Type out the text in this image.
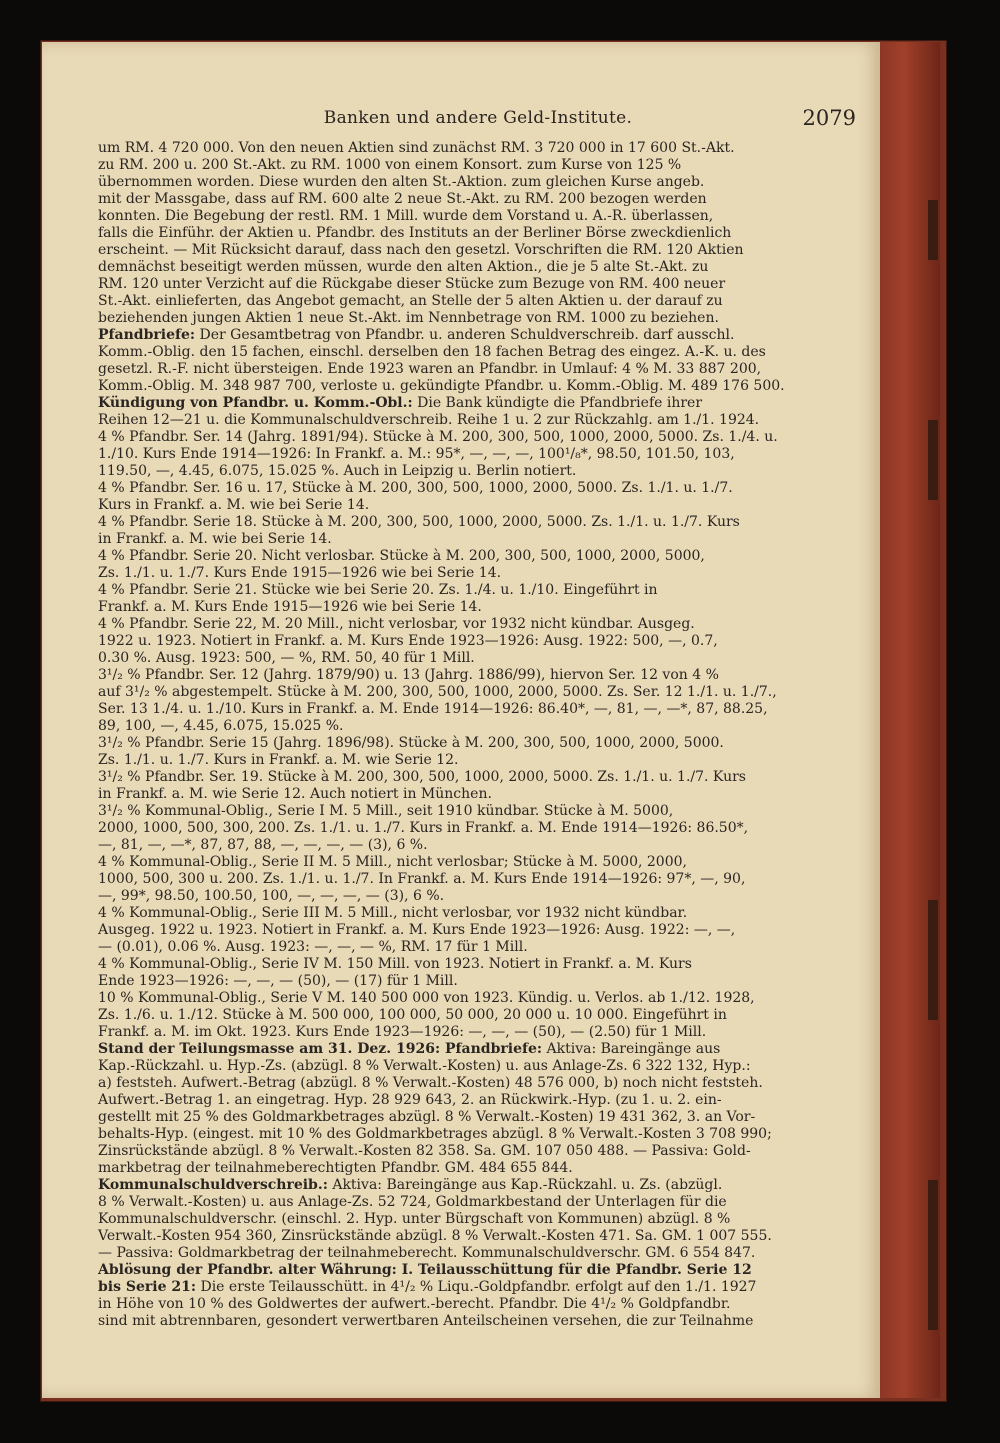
Banken und andere Geld-Institute.	2079
um RM. 4 720 000. Von den neuen Aktien sind zunächst RM. 3 720 000 in 17 600 St.-Akt.
zu RM. 200 u. 200 St.-Akt. zu RM. 1000 von einem Konsort. zum Kurse von 125 %
übernommen worden. Diese wurden den alten St.-Aktion. zum gleichen Kurse angeb.
mit der Massgabe, dass auf RM. 600 alte 2 neue St.-Akt. zu RM. 200 bezogen werden
konnten. Die Begebung der restl. RM. 1 Mill. wurde dem Vorstand u. A.-R. überlassen,
falls die Einführ. der Aktien u. Pfandbr. des Instituts an der Berliner Börse zweckdienlich
erscheint. — Mit Rücksicht darauf, dass nach den gesetzl. Vorschriften die RM. 120 Aktien
demnächst beseitigt werden müssen, wurde den alten Aktion., die je 5 alte St.-Akt. zu
RM. 120 unter Verzicht auf die Rückgabe dieser Stücke zum Bezuge von RM. 400 neuer
St.-Akt. einlieferten, das Angebot gemacht, an Stelle der 5 alten Aktien u. der darauf zu
beziehenden jungen Aktien 1 neue St.-Akt. im Nennbetrage von RM. 1000 zu beziehen.
Pfandbriefe: Der Gesamtbetrag von Pfandbr. u. anderen Schuldverschreib. darf ausschl.
Komm.-Oblig. den 15 fachen, einschl. derselben den 18 fachen Betrag des eingez. A.-K. u. des
gesetzl. R.-F. nicht übersteigen. Ende 1923 waren an Pfandbr. in Umlauf: 4 % M. 33 887 200,
Komm.-Oblig. M. 348 987 700, verloste u. gekündigte Pfandbr. u. Komm.-Oblig. M. 489 176 500.
Kündigung von Pfandbr. u. Komm.-Obl.: Die Bank kündigte die Pfandbriefe ihrer
Reihen 12—21 u. die Kommunalschuldverschreib. Reihe 1 u. 2 zur Rückzahlg. am 1./1. 1924.
4 % Pfandbr. Ser. 14 (Jahrg. 1891/94). Stücke à M. 200, 300, 500, 1000, 2000, 5000. Zs. 1./4. u.
1./10. Kurs Ende 1914—1926: In Frankf. a. M.: 95*, —, —, —, 100¹/₈*, 98.50, 101.50, 103,
119.50, —, 4.45, 6.075, 15.025 %. Auch in Leipzig u. Berlin notiert.
4 % Pfandbr. Ser. 16 u. 17, Stücke à M. 200, 300, 500, 1000, 2000, 5000. Zs. 1./1. u. 1./7.
Kurs in Frankf. a. M. wie bei Serie 14.
4 % Pfandbr. Serie 18. Stücke à M. 200, 300, 500, 1000, 2000, 5000. Zs. 1./1. u. 1./7. Kurs
in Frankf. a. M. wie bei Serie 14.
4 % Pfandbr. Serie 20. Nicht verlosbar. Stücke à M. 200, 300, 500, 1000, 2000, 5000,
Zs. 1./1. u. 1./7. Kurs Ende 1915—1926 wie bei Serie 14.
4 % Pfandbr. Serie 21. Stücke wie bei Serie 20. Zs. 1./4. u. 1./10. Eingeführt in
Frankf. a. M. Kurs Ende 1915—1926 wie bei Serie 14.
4 % Pfandbr. Serie 22, M. 20 Mill., nicht verlosbar, vor 1932 nicht kündbar. Ausgeg.
1922 u. 1923. Notiert in Frankf. a. M. Kurs Ende 1923—1926: Ausg. 1922: 500, —, 0.7,
0.30 %. Ausg. 1923: 500, — %, RM. 50, 40 für 1 Mill.
3¹/₂ % Pfandbr. Ser. 12 (Jahrg. 1879/90) u. 13 (Jahrg. 1886/99), hiervon Ser. 12 von 4 %
auf 3¹/₂ % abgestempelt. Stücke à M. 200, 300, 500, 1000, 2000, 5000. Zs. Ser. 12 1./1. u. 1./7.,
Ser. 13 1./4. u. 1./10. Kurs in Frankf. a. M. Ende 1914—1926: 86.40*, —, 81, —, —*, 87, 88.25,
89, 100, —, 4.45, 6.075, 15.025 %.
3¹/₂ % Pfandbr. Serie 15 (Jahrg. 1896/98). Stücke à M. 200, 300, 500, 1000, 2000, 5000.
Zs. 1./1. u. 1./7. Kurs in Frankf. a. M. wie Serie 12.
3¹/₂ % Pfandbr. Ser. 19. Stücke à M. 200, 300, 500, 1000, 2000, 5000. Zs. 1./1. u. 1./7. Kurs
in Frankf. a. M. wie Serie 12. Auch notiert in München.
3¹/₂ % Kommunal-Oblig., Serie I M. 5 Mill., seit 1910 kündbar. Stücke à M. 5000,
2000, 1000, 500, 300, 200. Zs. 1./1. u. 1./7. Kurs in Frankf. a. M. Ende 1914—1926: 86.50*,
—, 81, —, —*, 87, 87, 88, —, —, —, — (3), 6 %.
4 % Kommunal-Oblig., Serie II M. 5 Mill., nicht verlosbar; Stücke à M. 5000, 2000,
1000, 500, 300 u. 200. Zs. 1./1. u. 1./7. In Frankf. a. M. Kurs Ende 1914—1926: 97*, —, 90,
—, 99*, 98.50, 100.50, 100, —, —, —, — (3), 6 %.
4 % Kommunal-Oblig., Serie III M. 5 Mill., nicht verlosbar, vor 1932 nicht kündbar.
Ausgeg. 1922 u. 1923. Notiert in Frankf. a. M. Kurs Ende 1923—1926: Ausg. 1922: —, —,
— (0.01), 0.06 %. Ausg. 1923: —, —, — %, RM. 17 für 1 Mill.
4 % Kommunal-Oblig., Serie IV M. 150 Mill. von 1923. Notiert in Frankf. a. M. Kurs
Ende 1923—1926: —, —, — (50), — (17) für 1 Mill.
10 % Kommunal-Oblig., Serie V M. 140 500 000 von 1923. Kündig. u. Verlos. ab 1./12. 1928,
Zs. 1./6. u. 1./12. Stücke à M. 500 000, 100 000, 50 000, 20 000 u. 10 000. Eingeführt in
Frankf. a. M. im Okt. 1923. Kurs Ende 1923—1926: —, —, — (50), — (2.50) für 1 Mill.
Stand der Teilungsmasse am 31. Dez. 1926: Pfandbriefe: Aktiva: Bareingänge aus
Kap.-Rückzahl. u. Hyp.-Zs. (abzügl. 8 % Verwalt.-Kosten) u. aus Anlage-Zs. 6 322 132, Hyp.:
a) feststeh. Aufwert.-Betrag (abzügl. 8 % Verwalt.-Kosten) 48 576 000, b) noch nicht feststeh.
Aufwert.-Betrag 1. an eingetrag. Hyp. 28 929 643, 2. an Rückwirk.-Hyp. (zu 1. u. 2. ein-
gestellt mit 25 % des Goldmarkbetrages abzügl. 8 % Verwalt.-Kosten) 19 431 362, 3. an Vor-
behalts-Hyp. (eingest. mit 10 % des Goldmarkbetrages abzügl. 8 % Verwalt.-Kosten 3 708 990;
Zinsrückstände abzügl. 8 % Verwalt.-Kosten 82 358. Sa. GM. 107 050 488. — Passiva: Gold-
markbetrag der teilnahmeberechtigten Pfandbr. GM. 484 655 844.
Kommunalschuldverschreib.: Aktiva: Bareingänge aus Kap.-Rückzahl. u. Zs. (abzügl.
8 % Verwalt.-Kosten) u. aus Anlage-Zs. 52 724, Goldmarkbestand der Unterlagen für die
Kommunalschuldverschr. (einschl. 2. Hyp. unter Bürgschaft von Kommunen) abzügl. 8 %
Verwalt.-Kosten 954 360, Zinsrückstände abzügl. 8 % Verwalt.-Kosten 471. Sa. GM. 1 007 555.
— Passiva: Goldmarkbetrag der teilnahmeberecht. Kommunalschuldverschr. GM. 6 554 847.
Ablösung der Pfandbr. alter Währung: I. Teilausschüttung für die Pfandbr. Serie 12
bis Serie 21: Die erste Teilausschütt. in 4¹/₂ % Liqu.-Goldpfandbr. erfolgt auf den 1./1. 1927
in Höhe von 10 % des Goldwertes der aufwert.-berecht. Pfandbr. Die 4¹/₂ % Goldpfandbr.
sind mit abtrennbaren, gesondert verwertbaren Anteilscheinen versehen, die zur Teilnahme
